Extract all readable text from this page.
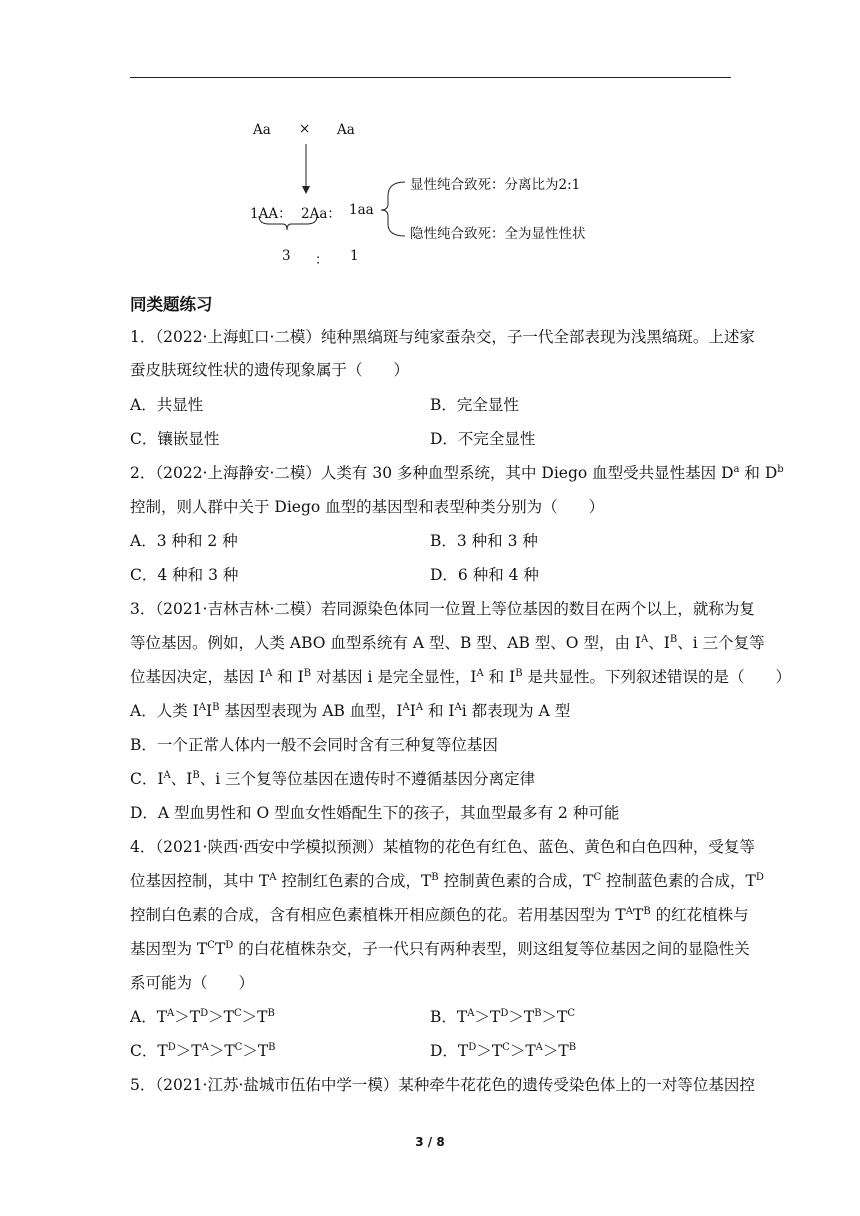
Aa × Aa
1AA： 2Aa： 1aa
3 ： 1
显性纯合致死：分离比为2:1
隐性纯合致死：全为显性性状
同类题练习
1．（2022·上海虹口·二模）纯种黑缟斑与纯家蚕杂交，子一代全部表现为浅黑缟斑。上述家
蚕皮肤斑纹性状的遗传现象属于（　　）
A．共显性	B．完全显性
C．镶嵌显性	D．不完全显性
2．（2022·上海静安·二模）人类有 30 多种血型系统，其中 Diego 血型受共显性基因 $D^a$ 和 $D^b$
控制，则人群中关于 Diego 血型的基因型和表型种类分别为（　　）
A．3 种和 2 种	B．3 种和 3 种
C．4 种和 3 种	D．6 种和 4 种
3．（2021·吉林吉林·二模）若同源染色体同一位置上等位基因的数目在两个以上，就称为复
等位基因。例如，人类 ABO 血型系统有 A 型、B 型、AB 型、O 型，由 $I^A$、$I^B$、i 三个复等
位基因决定，基因 $I^A$ 和 $I^B$ 对基因 i 是完全显性，$I^A$ 和 $I^B$ 是共显性。下列叙述错误的是（　　）
A．人类 $I^AI^B$ 基因型表现为 AB 血型，$I^AI^A$ 和 $I^Ai$ 都表现为 A 型
B．一个正常人体内一般不会同时含有三种复等位基因
C．$I^A$、$I^B$、i 三个复等位基因在遗传时不遵循基因分离定律
D．A 型血男性和 O 型血女性婚配生下的孩子，其血型最多有 2 种可能
4．（2021·陕西·西安中学模拟预测）某植物的花色有红色、蓝色、黄色和白色四种，受复等
位基因控制，其中 $T^A$ 控制红色素的合成，$T^B$ 控制黄色素的合成，$T^C$ 控制蓝色素的合成，$T^D$
控制白色素的合成，含有相应色素植株开相应颜色的花。若用基因型为 $T^AT^B$ 的红花植株与
基因型为 $T^CT^D$ 的白花植株杂交，子一代只有两种表型，则这组复等位基因之间的显隐性关
系可能为（　　）
A．$T^A>T^D>T^C>T^B$	B．$T^A>T^D>T^B>T^C$
C．$T^D>T^A>T^C>T^B$	D．$T^D>T^C>T^A>T^B$
5．（2021·江苏·盐城市伍佑中学一模）某种牵牛花花色的遗传受染色体上的一对等位基因控
3 / 8
